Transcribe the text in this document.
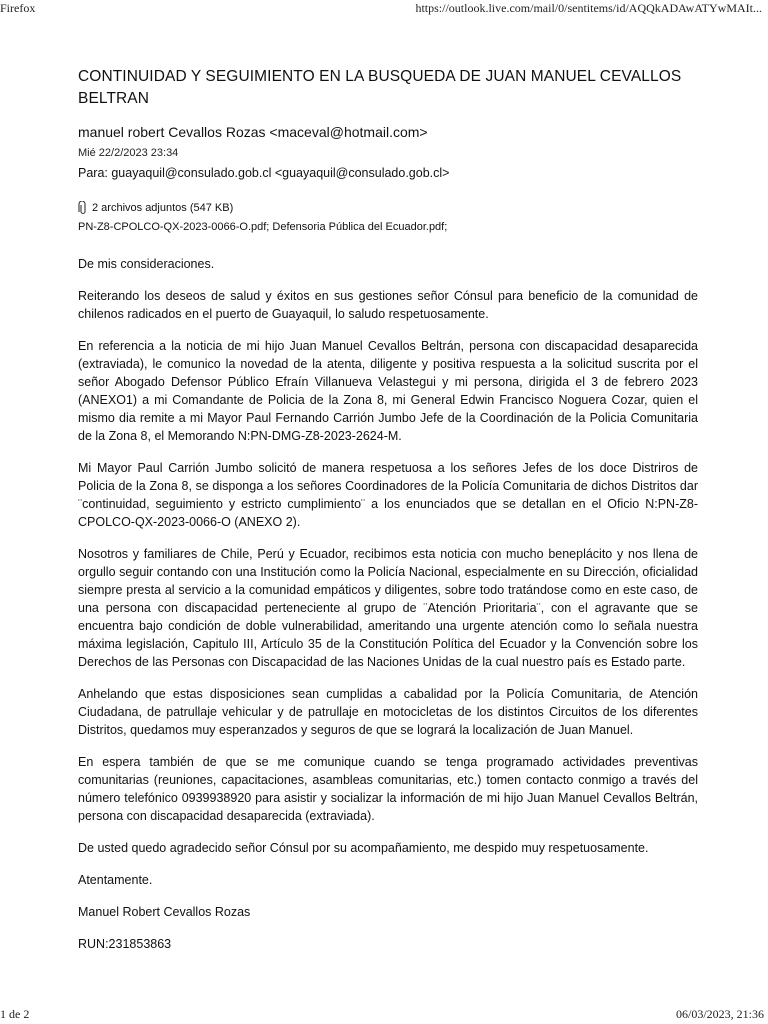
Firefox	https://outlook.live.com/mail/0/sentitems/id/AQQkADAwATYwMAIt...
CONTINUIDAD Y SEGUIMIENTO EN LA BUSQUEDA DE JUAN MANUEL CEVALLOS BELTRAN
manuel robert Cevallos Rozas <maceval@hotmail.com>
Mié 22/2/2023 23:34
Para: guayaquil@consulado.gob.cl <guayaquil@consulado.gob.cl>
2 archivos adjuntos (547 KB)
PN-Z8-CPOLCO-QX-2023-0066-O.pdf; Defensoria Pública del Ecuador.pdf;

De mis consideraciones.

Reiterando los deseos de salud y éxitos en sus gestiones señor Cónsul para beneficio de la comunidad de chilenos radicados en el puerto de Guayaquil, lo saludo respetuosamente.

En referencia a la noticia de mi hijo Juan Manuel Cevallos Beltrán, persona con discapacidad desaparecida (extraviada), le comunico la novedad de la atenta, diligente y positiva respuesta a la solicitud suscrita por el señor Abogado Defensor Público Efraín Villanueva Velastegui y mi persona, dirigida el 3 de febrero 2023 (ANEXO1) a mi Comandante de Policia de la Zona 8, mi General Edwin Francisco Noguera Cozar, quien el mismo dia remite a mi Mayor Paul Fernando Carrión Jumbo Jefe de la Coordinación de la Policia Comunitaria de la Zona 8, el Memorando N:PN-DMG-Z8-2023-2624-M.

Mi Mayor Paul Carrión Jumbo solicitó de manera respetuosa a los señores Jefes de los doce Distriros de Policia de la Zona 8, se disponga a los señores Coordinadores de la Policía Comunitaria de dichos Distritos dar ¨continuidad, seguimiento y estricto cumplimiento¨ a los enunciados que se detallan en el Oficio N:PN-Z8-CPOLCO-QX-2023-0066-O (ANEXO 2).

Nosotros y familiares de Chile, Perú y Ecuador, recibimos esta noticia con mucho beneplácito y nos llena de orgullo seguir contando con una Institución como la Policía Nacional, especialmente en su Dirección, oficialidad siempre presta al servicio a la comunidad empáticos y diligentes, sobre todo tratándose como en este caso, de una persona con discapacidad perteneciente al grupo de ¨Atención Prioritaria¨, con el agravante que se encuentra bajo condición de doble vulnerabilidad, ameritando una urgente atención como lo señala nuestra máxima legislación, Capitulo III, Artículo 35 de la Constitución Política del Ecuador y la Convención sobre los Derechos de las Personas con Discapacidad de las Naciones Unidas de la cual nuestro país es Estado parte.

Anhelando que estas disposiciones sean cumplidas a cabalidad por la Policía Comunitaria, de Atención Ciudadana, de patrullaje vehicular y de patrullaje en motocicletas de los distintos Circuitos de los diferentes Distritos, quedamos muy esperanzados y seguros de que se logrará la localización de Juan Manuel.

En espera también de que se me comunique cuando se tenga programado actividades preventivas comunitarias (reuniones, capacitaciones, asambleas comunitarias, etc.) tomen contacto conmigo a través del número telefónico 0939938920 para asistir y socializar la información de mi hijo Juan Manuel Cevallos Beltrán, persona con discapacidad desaparecida (extraviada).

De usted quedo agradecido señor Cónsul por su acompañamiento, me despido muy respetuosamente.

Atentamente.

Manuel Robert Cevallos Rozas

RUN:231853863

1 de 2	06/03/2023, 21:36
